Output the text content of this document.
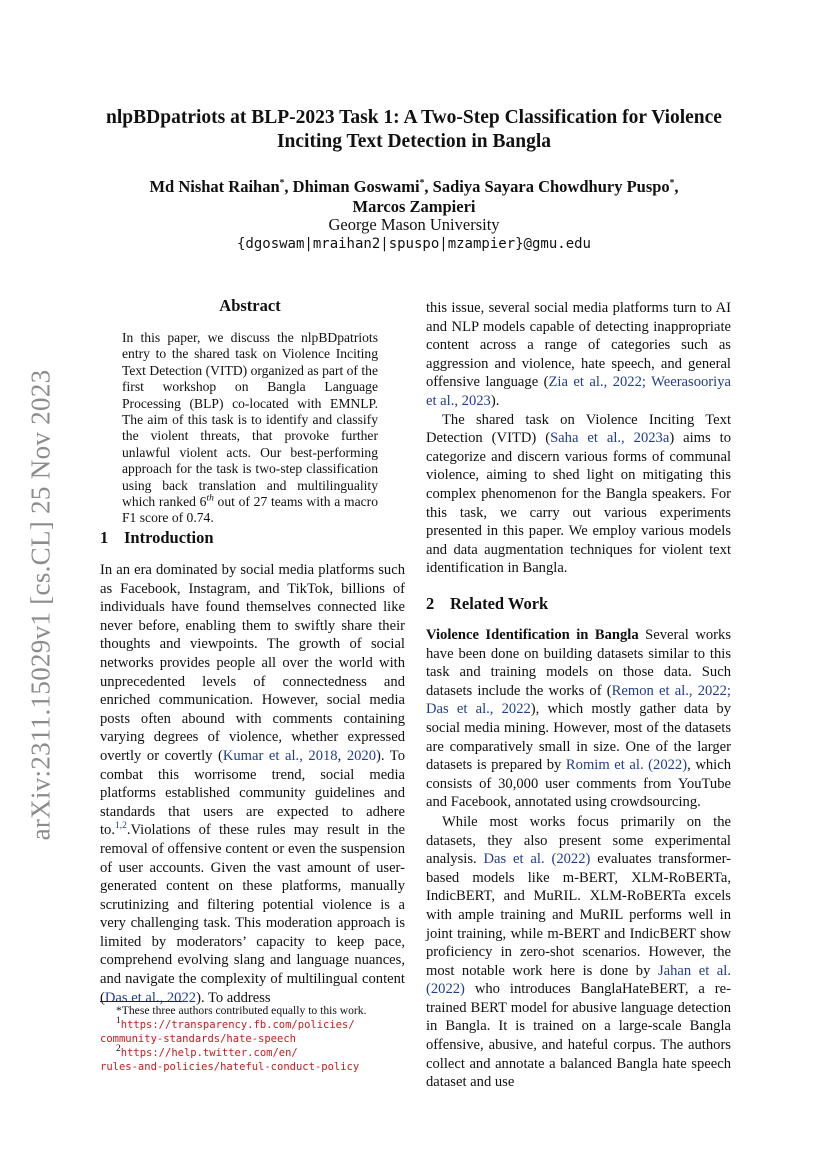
arXiv:2311.15029v1 [cs.CL] 25 Nov 2023
nlpBDpatriots at BLP-2023 Task 1: A Two-Step Classification for Violence
Inciting Text Detection in Bangla
Md Nishat Raihan*, Dhiman Goswami*, Sadiya Sayara Chowdhury Puspo*,
Marcos Zampieri
George Mason University
{dgoswam|mraihan2|spuspo|mzampier}@gmu.edu
Abstract
In this paper, we discuss the nlpBDpatriots entry to the shared task on Violence Inciting Text Detection (VITD) organized as part of the first workshop on Bangla Language Processing (BLP) co-located with EMNLP. The aim of this task is to identify and classify the violent threats, that provoke further unlawful violent acts. Our best-performing approach for the task is two-step classification using back translation and multilinguality which ranked 6th out of 27 teams with a macro F1 score of 0.74.
1 Introduction

In an era dominated by social media platforms such as Facebook, Instagram, and TikTok, billions of individuals have found themselves connected like never before, enabling them to swiftly share their thoughts and viewpoints. The growth of social networks provides people all over the world with unprecedented levels of connectedness and enriched communication. However, social media posts often abound with comments containing varying degrees of violence, whether expressed overtly or covertly (Kumar et al., 2018, 2020). To combat this worrisome trend, social media platforms established community guidelines and standards that users are expected to adhere to.$^{1,2}$.Violations of these rules may result in the removal of offensive content or even the suspension of user accounts. Given the vast amount of user-generated content on these platforms, manually scrutinizing and filtering potential violence is a very challenging task. This moderation approach is limited by moderators’ capacity to keep pace, comprehend evolving slang and language nuances, and navigate the complexity of multilingual content (Das et al., 2022). To address

*These three authors contributed equally to this work.
$^1$https://transparency.fb.com/policies/
community-standards/hate-speech
$^2$https://help.twitter.com/en/
rules-and-policies/hateful-conduct-policy

this issue, several social media platforms turn to AI and NLP models capable of detecting inappropriate content across a range of categories such as aggression and violence, hate speech, and general offensive language (Zia et al., 2022; Weerasooriya et al., 2023).

The shared task on Violence Inciting Text Detection (VITD) (Saha et al., 2023a) aims to categorize and discern various forms of communal violence, aiming to shed light on mitigating this complex phenomenon for the Bangla speakers. For this task, we carry out various experiments presented in this paper. We employ various models and data augmentation techniques for violent text identification in Bangla.

2 Related Work

Violence Identification in Bangla Several works have been done on building datasets similar to this task and training models on those data. Such datasets include the works of (Remon et al., 2022; Das et al., 2022), which mostly gather data by social media mining. However, most of the datasets are comparatively small in size. One of the larger datasets is prepared by Romim et al. (2022), which consists of 30,000 user comments from YouTube and Facebook, annotated using crowdsourcing.

While most works focus primarily on the datasets, they also present some experimental analysis. Das et al. (2022) evaluates transformer-based models like m-BERT, XLM-RoBERTa, IndicBERT, and MuRIL. XLM-RoBERTa excels with ample training and MuRIL performs well in joint training, while m-BERT and IndicBERT show proficiency in zero-shot scenarios. However, the most notable work here is done by Jahan et al. (2022) who introduces BanglaHateBERT, a re-trained BERT model for abusive language detection in Bangla. It is trained on a large-scale Bangla offensive, abusive, and hateful corpus. The authors collect and annotate a balanced Bangla hate speech dataset and use
